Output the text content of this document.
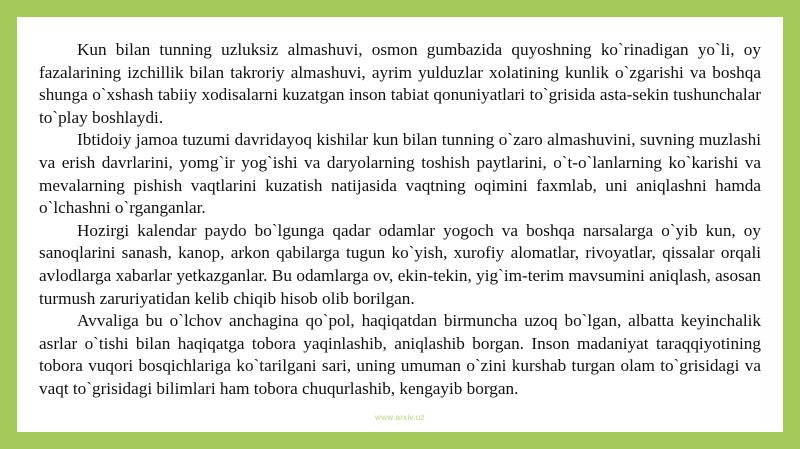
Kun bilan tunning uzluksiz almashuvi, osmon gumbazida quyoshning ko`rinadigan yo`li, oy fazalarining izchillik bilan takroriy almashuvi, ayrim yulduzlar xolatining kunlik o`zgarishi va boshqa shunga o`xshash tabiiy xodisalarni kuzatgan inson tabiat qonuniyatlari to`grisida asta-sekin tushunchalar to`play boshlaydi.

Ibtidoiy jamoa tuzumi davridayoq kishilar kun bilan tunning o`zaro almashuvini, suvning muzlashi va erish davrlarini, yomg`ir yog`ishi va daryolarning toshish paytlarini, o`t-o`lanlarning ko`karishi va mevalarning pishish vaqtlarini kuzatish natijasida vaqtning oqimini faxmlab, uni aniqlashni hamda o`lchashni o`rganganlar.

Hozirgi kalendar paydo bo`lgunga qadar odamlar yogoch va boshqa narsalarga o`yib kun, oy sanoqlarini sanash, kanop, arkon qabilarga tugun ko`yish, xurofiy alomatlar, rivoyatlar, qissalar orqali avlodlarga xabarlar yetkazganlar. Bu odamlarga ov, ekin-tekin, yig`im-terim mavsumini aniqlash, asosan turmush zaruriyatidan kelib chiqib hisob olib borilgan.

Avvaliga bu o`lchov anchagina qo`pol, haqiqatdan birmuncha uzoq bo`lgan, albatta keyinchalik asrlar o`tishi bilan haqiqatga tobora yaqinlashib, aniqlashib borgan. Inson madaniyat taraqqiyotining tobora vuqori bosqichlariga ko`tarilgani sari, uning umuman o`zini kurshab turgan olam to`grisidagi va vaqt to`grisidagi bilimlari ham tobora chuqurlashib, kengayib borgan.

www.arxiv.uz
